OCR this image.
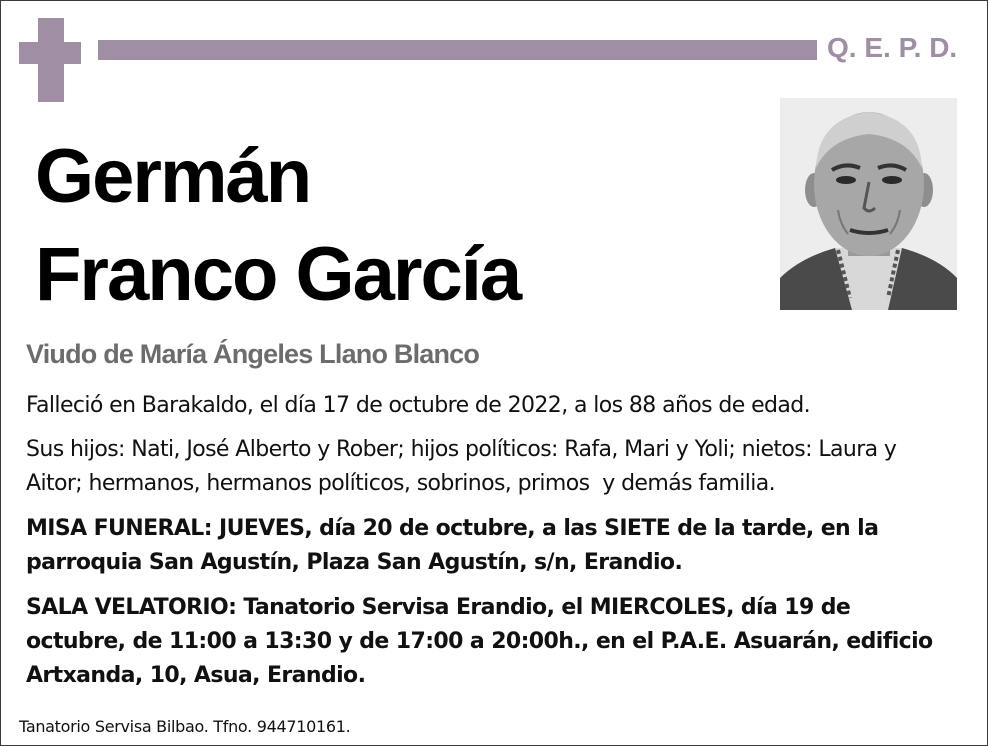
Q. E. P. D.
Germán
Franco García
Viudo de María Ángeles Llano Blanco
Falleció en Barakaldo, el día 17 de octubre de 2022, a los 88 años de edad.
Sus hijos: Nati, José Alberto y Rober; hijos políticos: Rafa, Mari y Yoli; nietos: Laura y Aitor; hermanos, hermanos políticos, sobrinos, primos  y demás familia.
MISA FUNERAL: JUEVES, día 20 de octubre, a las SIETE de la tarde, en la parroquia San Agustín, Plaza San Agustín, s/n, Erandio.
SALA VELATORIO: Tanatorio Servisa Erandio, el MIERCOLES, día 19 de octubre, de 11:00 a 13:30 y de 17:00 a 20:00h., en el P.A.E. Asuarán, edificio Artxanda, 10, Asua, Erandio.
Tanatorio Servisa Bilbao. Tfno. 944710161.
